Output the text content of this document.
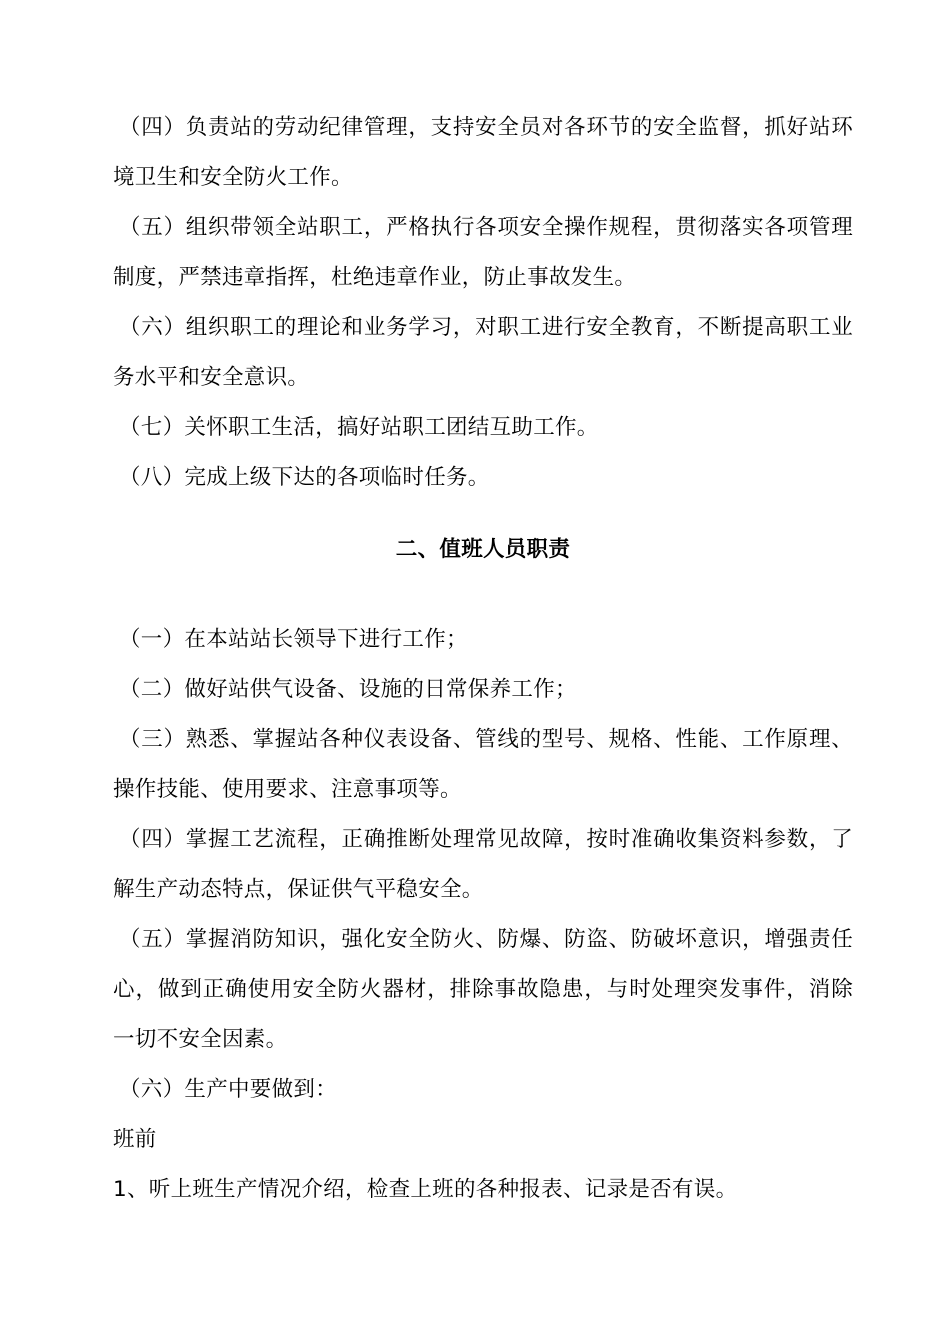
（四）负责站的劳动纪律管理，支持安全员对各环节的安全监督，抓好站环境卫生和安全防火工作。

（五）组织带领全站职工，严格执行各项安全操作规程，贯彻落实各项管理制度，严禁违章指挥，杜绝违章作业，防止事故发生。

（六）组织职工的理论和业务学习，对职工进行安全教育，不断提高职工业务水平和安全意识。

（七）关怀职工生活，搞好站职工团结互助工作。

（八）完成上级下达的各项临时任务。

二、值班人员职责

（一）在本站站长领导下进行工作；

（二）做好站供气设备、设施的日常保养工作；

（三）熟悉、掌握站各种仪表设备、管线的型号、规格、性能、工作原理、操作技能、使用要求、注意事项等。

（四）掌握工艺流程，正确推断处理常见故障，按时准确收集资料参数，了解生产动态特点，保证供气平稳安全。

（五）掌握消防知识，强化安全防火、防爆、防盗、防破坏意识，增强责任心，做到正确使用安全防火器材，排除事故隐患，与时处理突发事件，消除一切不安全因素。

（六）生产中要做到：

班前

1、听上班生产情况介绍，检查上班的各种报表、记录是否有误。
